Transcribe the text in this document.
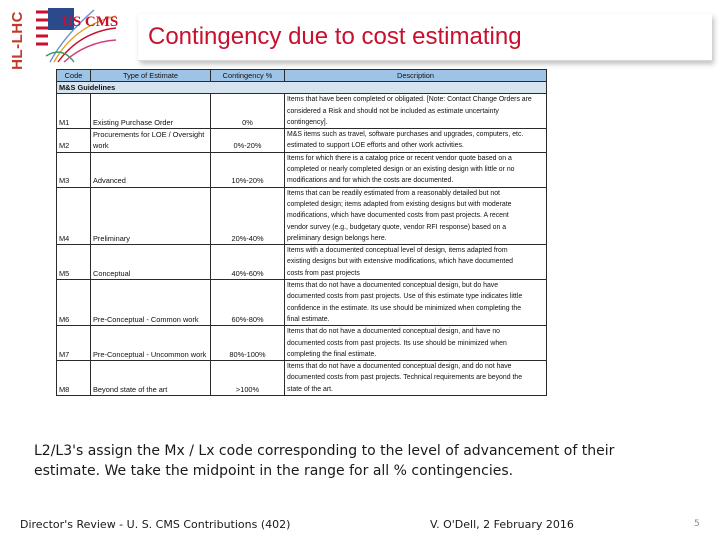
HL-LHC US CMS
Contingency due to cost estimating
Code	Type of Estimate	Contingency %	Description
M&S Guidelines			
M1	Existing Purchase Order	0%	Items that have been completed or obligated. [Note: Contact Change Orders are
considered a Risk and should not be included as estimate uncertainty
contingency].

M2	Procurements for LOE / Oversight work	0%-20%	M&S items such as travel, software purchases and upgrades, computers, etc.
estimated to support LOE efforts and other work activities.

M3	Advanced	10%-20%	Items for which there is a catalog price or recent vendor quote based on a
completed or nearly completed design or an existing design with little or no
modifications and for which the costs are documented.

M4	Preliminary	20%-40%	Items that can be readily estimated from a reasonably detailed but not
completed design; items adapted from existing designs but with moderate
modifications, which have documented costs from past projects. A recent
vendor survey (e.g., budgetary quote, vendor RFI response) based on a
preliminary design belongs here.

M5	Conceptual	40%-60%	Items with a documented conceptual level of design, items adapted from
existing designs but with extensive modifications, which have documented
costs from past projects

M6	Pre-Conceptual - Common work	60%-80%	Items that do not have a documented conceptual design, but do have
documented costs from past projects. Use of this estimate type indicates little
confidence in the estimate. Its use should be minimized when completing the
final estimate.

M7	Pre-Conceptual - Uncommon work	80%-100%	Items that do not have a documented conceptual design, and have no
documented costs from past projects. Its use should be minimized when
completing the final estimate.

M8	Beyond state of the art	>100%	Items that do not have a documented conceptual design, and do not have
documented costs from past projects. Technical requirements are beyond the
state of the art.

L2/L3's assign the Mx / Lx code corresponding to the level of advancement of their estimate. We take the midpoint in the range for all % contingencies.

Director's Review - U. S. CMS Contributions (402)	V. O'Dell, 2 February 2016	5
